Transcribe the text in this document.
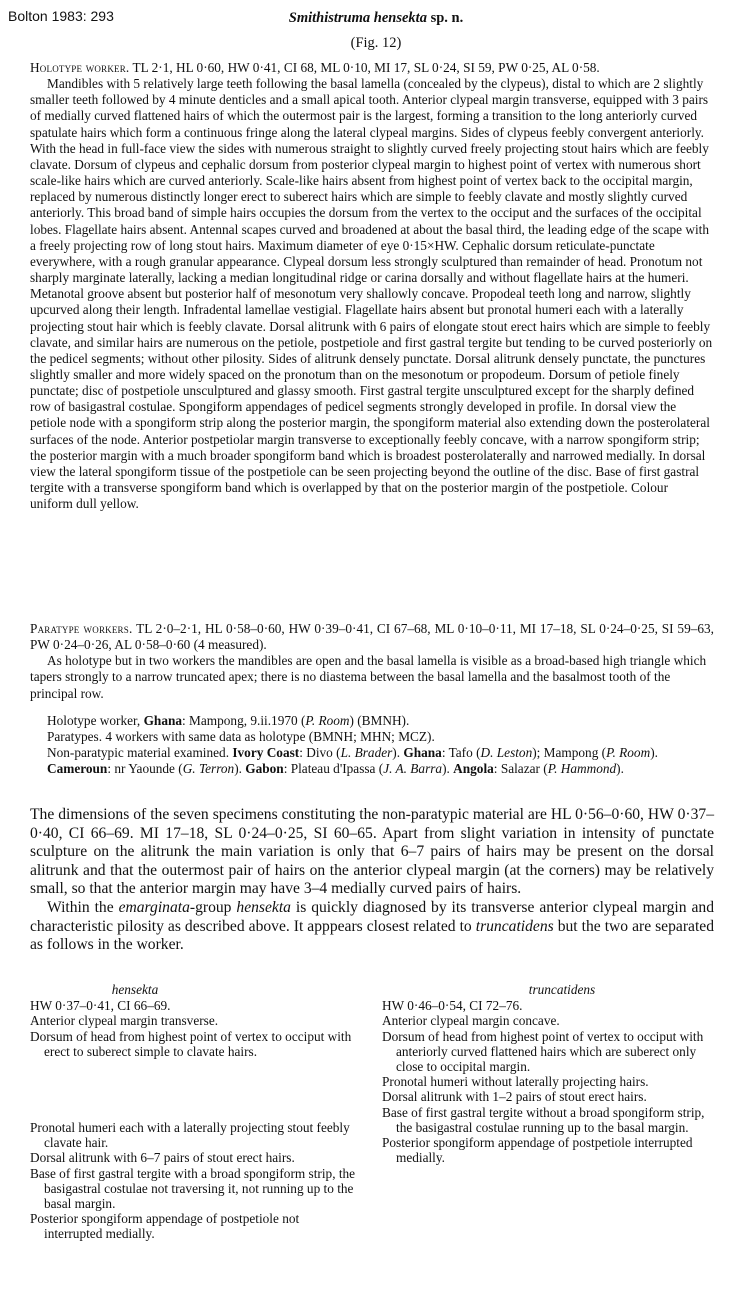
Bolton 1983: 293	Smithistruma hensekta sp. n.
(Fig. 12)

Holotype worker. TL 2·1, HL 0·60, HW 0·41, CI 68, ML 0·10, MI 17, SL 0·24, SI 59, PW 0·25, AL 0·58.

Mandibles with 5 relatively large teeth following the basal lamella (concealed by the clypeus), distal to which are 2 slightly smaller teeth followed by 4 minute denticles and a small apical tooth. Anterior clypeal margin transverse, equipped with 3 pairs of medially curved flattened hairs of which the outermost pair is the largest, forming a transition to the long anteriorly curved spatulate hairs which form a continuous fringe along the lateral clypeal margins. Sides of clypeus feebly convergent anteriorly. With the head in full-face view the sides with numerous straight to slightly curved freely projecting stout hairs which are feebly clavate. Dorsum of clypeus and cephalic dorsum from posterior clypeal margin to highest point of vertex with numerous short scale-like hairs which are curved anteriorly. Scale-like hairs absent from highest point of vertex back to the occipital margin, replaced by numerous distinctly longer erect to suberect hairs which are simple to feebly clavate and mostly slightly curved anteriorly. This broad band of simple hairs occupies the dorsum from the vertex to the occiput and the surfaces of the occipital lobes. Flagellate hairs absent. Antennal scapes curved and broadened at about the basal third, the leading edge of the scape with a freely projecting row of long stout hairs. Maximum diameter of eye 0·15×HW. Cephalic dorsum reticulate-punctate everywhere, with a rough granular appearance. Clypeal dorsum less strongly sculptured than remainder of head. Pronotum not sharply marginate laterally, lacking a median longitudinal ridge or carina dorsally and without flagellate hairs at the humeri. Metanotal groove absent but posterior half of mesonotum very shallowly concave. Propodeal teeth long and narrow, slightly upcurved along their length. Infradental lamellae vestigial. Flagellate hairs absent but pronotal humeri each with a laterally projecting stout hair which is feebly clavate. Dorsal alitrunk with 6 pairs of elongate stout erect hairs which are simple to feebly clavate, and similar hairs are numerous on the petiole, postpetiole and first gastral tergite but tending to be curved posteriorly on the pedicel segments; without other pilosity. Sides of alitrunk densely punctate. Dorsal alitrunk densely punctate, the punctures slightly smaller and more widely spaced on the pronotum than on the mesonotum or propodeum. Dorsum of petiole finely punctate; disc of postpetiole unsculptured and glassy smooth. First gastral tergite unsculptured except for the sharply defined row of basigastral costulae. Spongiform appendages of pedicel segments strongly developed in profile. In dorsal view the petiole node with a spongiform strip along the posterior margin, the spongiform material also extending down the posterolateral surfaces of the node. Anterior postpetiolar margin transverse to exceptionally feebly concave, with a narrow spongiform strip; the posterior margin with a much broader spongiform band which is broadest posterolaterally and narrowed medially. In dorsal view the lateral spongiform tissue of the postpetiole can be seen projecting beyond the outline of the disc. Base of first gastral tergite with a transverse spongiform band which is overlapped by that on the posterior margin of the postpetiole. Colour uniform dull yellow.

Paratype workers. TL 2·0–2·1, HL 0·58–0·60, HW 0·39–0·41, CI 67–68, ML 0·10–0·11, MI 17–18, SL 0·24–0·25, SI 59–63, PW 0·24–0·26, AL 0·58–0·60 (4 measured).

As holotype but in two workers the mandibles are open and the basal lamella is visible as a broad-based high triangle which tapers strongly to a narrow truncated apex; there is no diastema between the basal lamella and the basalmost tooth of the principal row.

Holotype worker, Ghana: Mampong, 9.ii.1970 (P. Room) (BMNH).

Paratypes. 4 workers with same data as holotype (BMNH; MHN; MCZ).

Non-paratypic material examined. Ivory Coast: Divo (L. Brader). Ghana: Tafo (D. Leston); Mampong (P. Room). Cameroun: nr Yaounde (G. Terron). Gabon: Plateau d'Ipassa (J. A. Barra). Angola: Salazar (P. Hammond).

The dimensions of the seven specimens constituting the non-paratypic material are HL 0·56–0·60, HW 0·37–0·40, CI 66–69. MI 17–18, SL 0·24–0·25, SI 60–65. Apart from slight variation in intensity of punctate sculpture on the alitrunk the main variation is only that 6–7 pairs of hairs may be present on the dorsal alitrunk and that the outermost pair of hairs on the anterior clypeal margin (at the corners) may be relatively small, so that the anterior margin may have 3–4 medially curved pairs of hairs.

Within the emarginata-group hensekta is quickly diagnosed by its transverse anterior clypeal margin and characteristic pilosity as described above. It apppears closest related to truncatidens but the two are separated as follows in the worker.

hensekta

HW 0·37–0·41, CI 66–69.

Anterior clypeal margin transverse.

Dorsum of head from highest point of vertex to occiput with erect to suberect simple to clavate hairs.

Pronotal humeri each with a laterally projecting stout feebly clavate hair.

Dorsal alitrunk with 6–7 pairs of stout erect hairs.

Base of first gastral tergite with a broad spongiform strip, the basigastral costulae not traversing it, not running up to the basal margin.

Posterior spongiform appendage of postpetiole not interrupted medially.

truncatidens

HW 0·46–0·54, CI 72–76.

Anterior clypeal margin concave.

Dorsum of head from highest point of vertex to occiput with anteriorly curved flattened hairs which are suberect only close to occipital margin.

Pronotal humeri without laterally projecting hairs.

Dorsal alitrunk with 1–2 pairs of stout erect hairs.

Base of first gastral tergite without a broad spongiform strip, the basigastral costulae running up to the basal margin.

Posterior spongiform appendage of postpetiole interrupted medially.
